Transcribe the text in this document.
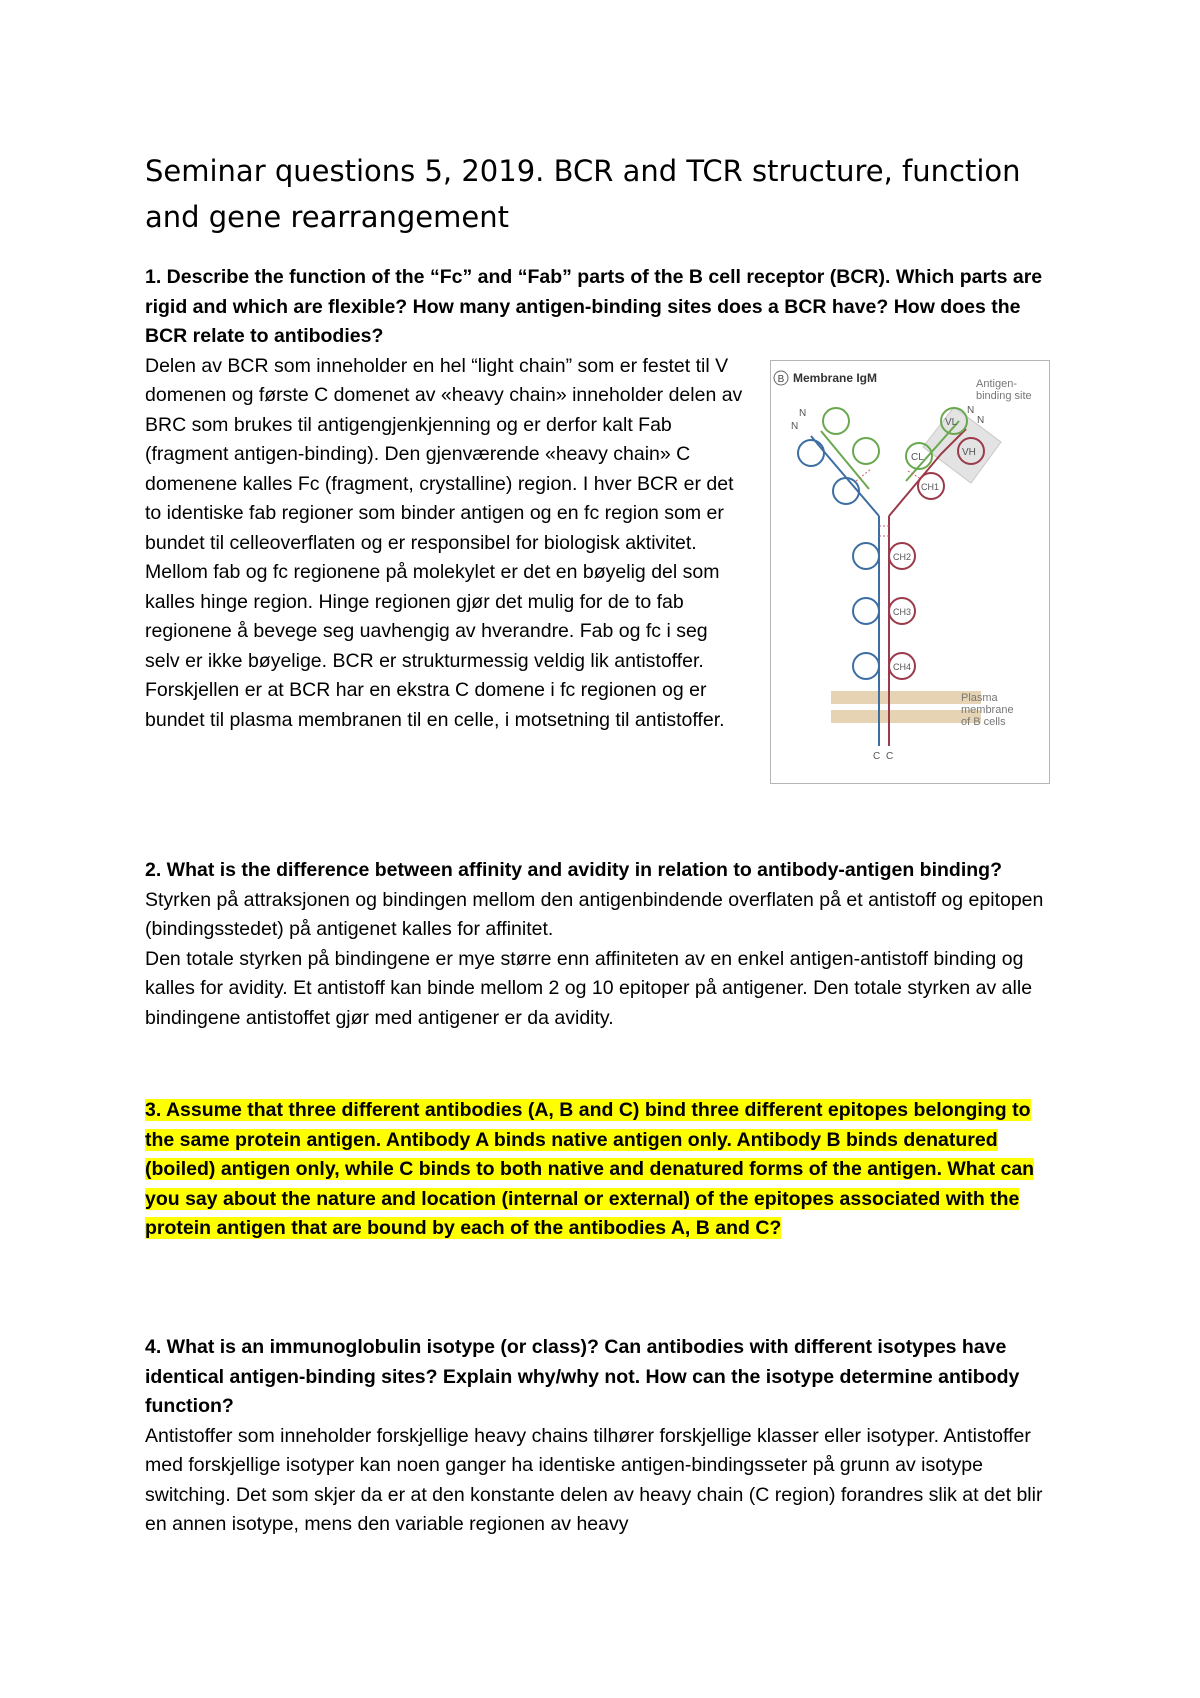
Seminar questions 5, 2019. BCR and TCR structure, function and gene rearrangement
1. Describe the function of the “Fc” and “Fab” parts of the B cell receptor (BCR). Which parts are rigid and which are flexible? How many antigen-binding sites does a BCR have? How does the BCR relate to antibodies?
Delen av BCR som inneholder en hel “light chain” som er festet til V domenen og første C domenet av «heavy chain» inneholder delen av BRC som brukes til antigengjenkjenning og er derfor kalt Fab (fragment antigen-binding). Den gjenværende «heavy chain» C domenene kalles Fc (fragment, crystalline) region. I hver BCR er det to identiske fab regioner som binder antigen og en fc region som er bundet til celleoverflaten og er responsibel for biologisk aktivitet. Mellom fab og fc regionene på molekylet er det en bøyelig del som kalles hinge region. Hinge regionen gjør det mulig for de to fab regionene å bevege seg uavhengig av hverandre. Fab og fc i seg selv er ikke bøyelige. BCR er strukturmessig veldig lik antistoffer. Forskjellen er at BCR har en ekstra C domene i fc regionen og er bundet til plasma membranen til en celle, i motsetning til antistoffer.
B Membrane IgM	Antigen-
binding site
Plasma
membrane
of B cells
VL
VH
CL
CH1
CH2
CH3
CH4
N
N
N
N
C C
2. What is the difference between affinity and avidity in relation to antibody-antigen binding?
Styrken på attraksjonen og bindingen mellom den antigenbindende overflaten på et antistoff og epitopen (bindingsstedet) på antigenet kalles for affinitet.
Den totale styrken på bindingene er mye større enn affiniteten av en enkel antigen-antistoff binding og kalles for avidity. Et antistoff kan binde mellom 2 og 10 epitoper på antigener. Den totale styrken av alle bindingene antistoffet gjør med antigener er da avidity.
3. Assume that three different antibodies (A, B and C) bind three different epitopes belonging to the same protein antigen. Antibody A binds native antigen only. Antibody B binds denatured (boiled) antigen only, while C binds to both native and denatured forms of the antigen. What can you say about the nature and location (internal or external) of the epitopes associated with the protein antigen that are bound by each of the antibodies A, B and C?
4. What is an immunoglobulin isotype (or class)? Can antibodies with different isotypes have identical antigen-binding sites? Explain why/why not. How can the isotype determine antibody function?
Antistoffer som inneholder forskjellige heavy chains tilhører forskjellige klasser eller isotyper. Antistoffer med forskjellige isotyper kan noen ganger ha identiske antigen-bindingsseter på grunn av isotype switching. Det som skjer da er at den konstante delen av heavy chain (C region) forandres slik at det blir en annen isotype, mens den variable regionen av heavy
